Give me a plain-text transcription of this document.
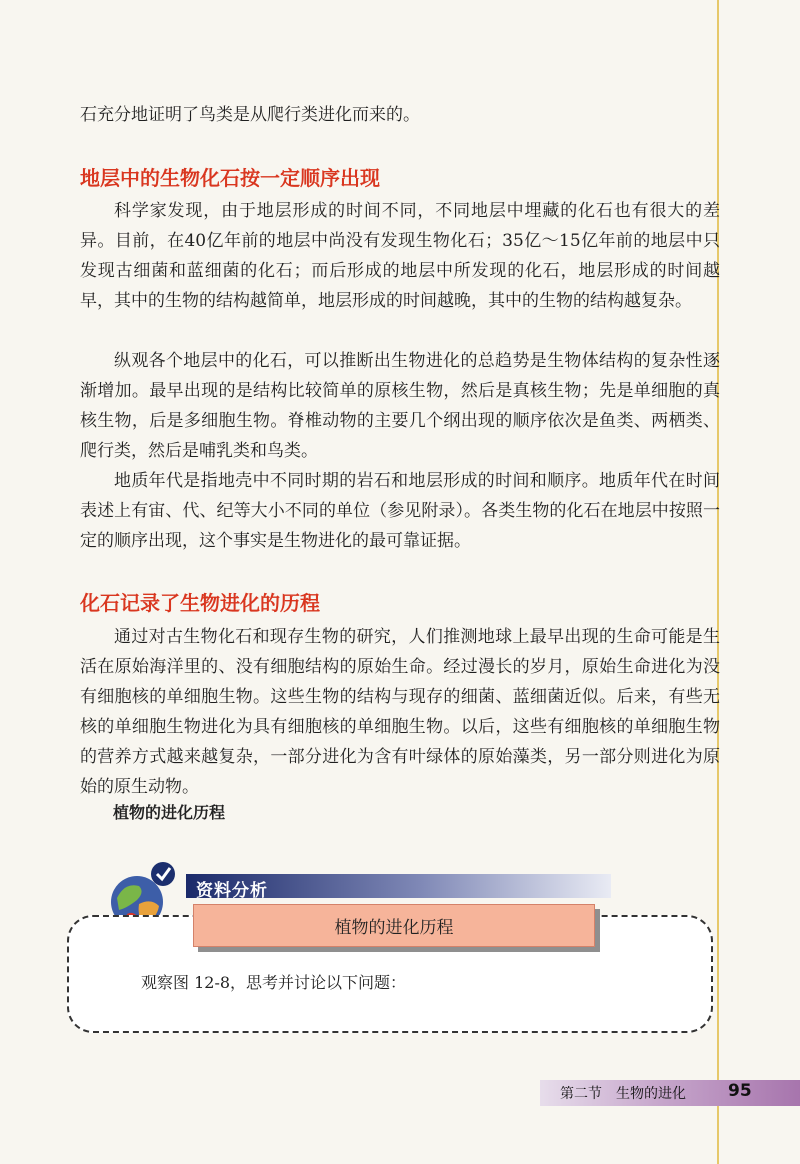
石充分地证明了鸟类是从爬行类进化而来的。

地层中的生物化石按一定顺序出现

科学家发现，由于地层形成的时间不同，不同地层中埋藏的化石也有很大的差异。目前，在40亿年前的地层中尚没有发现生物化石；35亿～15亿年前的地层中只发现古细菌和蓝细菌的化石；而后形成的地层中所发现的化石，地层形成的时间越早，其中的生物的结构越简单，地层形成的时间越晚，其中的生物的结构越复杂。

纵观各个地层中的化石，可以推断出生物进化的总趋势是生物体结构的复杂性逐渐增加。最早出现的是结构比较简单的原核生物，然后是真核生物；先是单细胞的真核生物，后是多细胞生物。脊椎动物的主要几个纲出现的顺序依次是鱼类、两栖类、爬行类，然后是哺乳类和鸟类。

地质年代是指地壳中不同时期的岩石和地层形成的时间和顺序。地质年代在时间表述上有宙、代、纪等大小不同的单位（参见附录）。各类生物的化石在地层中按照一定的顺序出现，这个事实是生物进化的最可靠证据。

化石记录了生物进化的历程

通过对古生物化石和现存生物的研究，人们推测地球上最早出现的生命可能是生活在原始海洋里的、没有细胞结构的原始生命。经过漫长的岁月，原始生命进化为没有细胞核的单细胞生物。这些生物的结构与现存的细菌、蓝细菌近似。后来，有些无核的单细胞生物进化为具有细胞核的单细胞生物。以后，这些有细胞核的单细胞生物的营养方式越来越复杂，一部分进化为含有叶绿体的原始藻类，另一部分则进化为原始的原生动物。

植物的进化历程

资料分析

植物的进化历程

观察图 12-8，思考并讨论以下问题：

第二节　生物的进化 95
